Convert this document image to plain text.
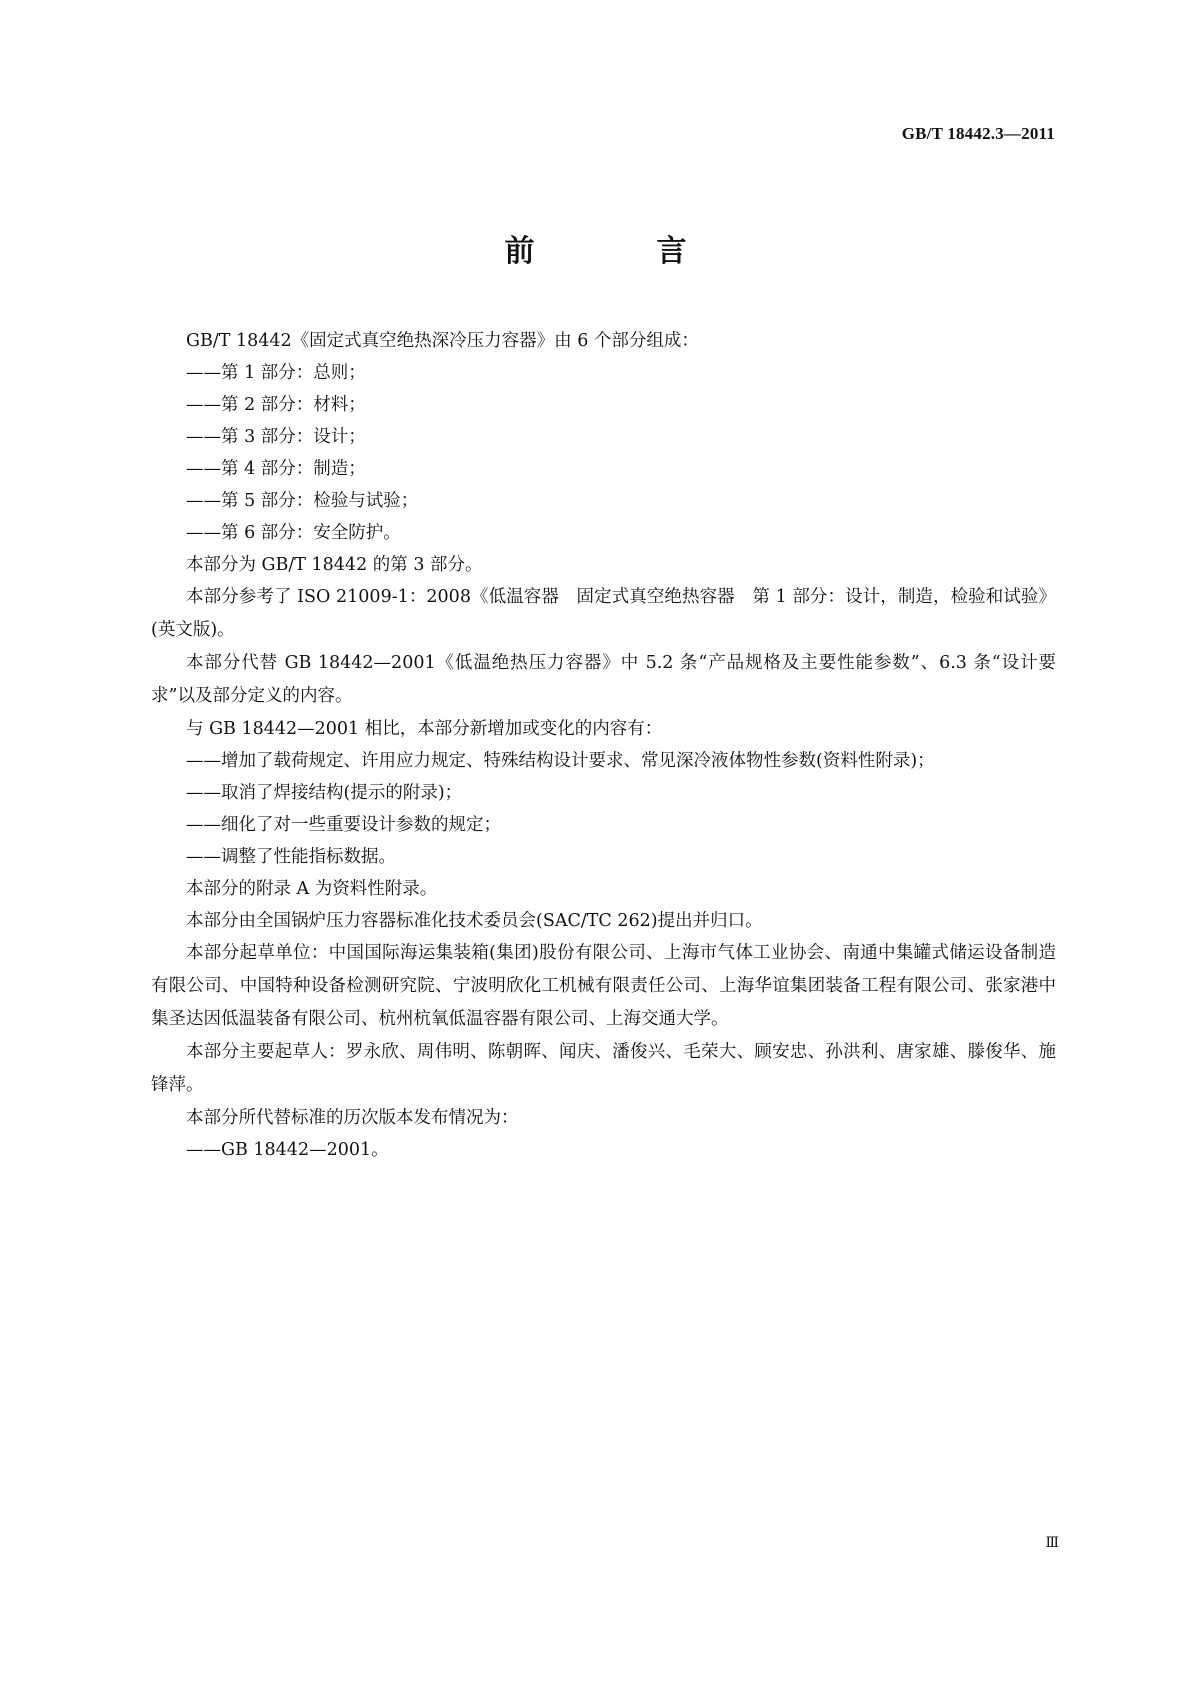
GB/T 18442.3—2011
前　言

GB/T 18442《固定式真空绝热深冷压力容器》由 6 个部分组成：

——第 1 部分：总则；

——第 2 部分：材料；

——第 3 部分：设计；

——第 4 部分：制造；

——第 5 部分：检验与试验；

——第 6 部分：安全防护。

本部分为 GB/T 18442 的第 3 部分。

本部分参考了 ISO 21009-1：2008《低温容器　固定式真空绝热容器　第 1 部分：设计，制造，检验和试验》(英文版)。

本部分代替 GB 18442—2001《低温绝热压力容器》中 5.2 条“产品规格及主要性能参数”、6.3 条“设计要求”以及部分定义的内容。

与 GB 18442—2001 相比，本部分新增加或变化的内容有：

——增加了载荷规定、许用应力规定、特殊结构设计要求、常见深冷液体物性参数(资料性附录)；

——取消了焊接结构(提示的附录)；

——细化了对一些重要设计参数的规定；

——调整了性能指标数据。

本部分的附录 A 为资料性附录。

本部分由全国锅炉压力容器标准化技术委员会(SAC/TC 262)提出并归口。

本部分起草单位：中国国际海运集装箱(集团)股份有限公司、上海市气体工业协会、南通中集罐式储运设备制造有限公司、中国特种设备检测研究院、宁波明欣化工机械有限责任公司、上海华谊集团装备工程有限公司、张家港中集圣达因低温装备有限公司、杭州杭氧低温容器有限公司、上海交通大学。

本部分主要起草人：罗永欣、周伟明、陈朝晖、闻庆、潘俊兴、毛荣大、顾安忠、孙洪利、唐家雄、滕俊华、施锋萍。

本部分所代替标准的历次版本发布情况为：

——GB 18442—2001。

Ⅲ
